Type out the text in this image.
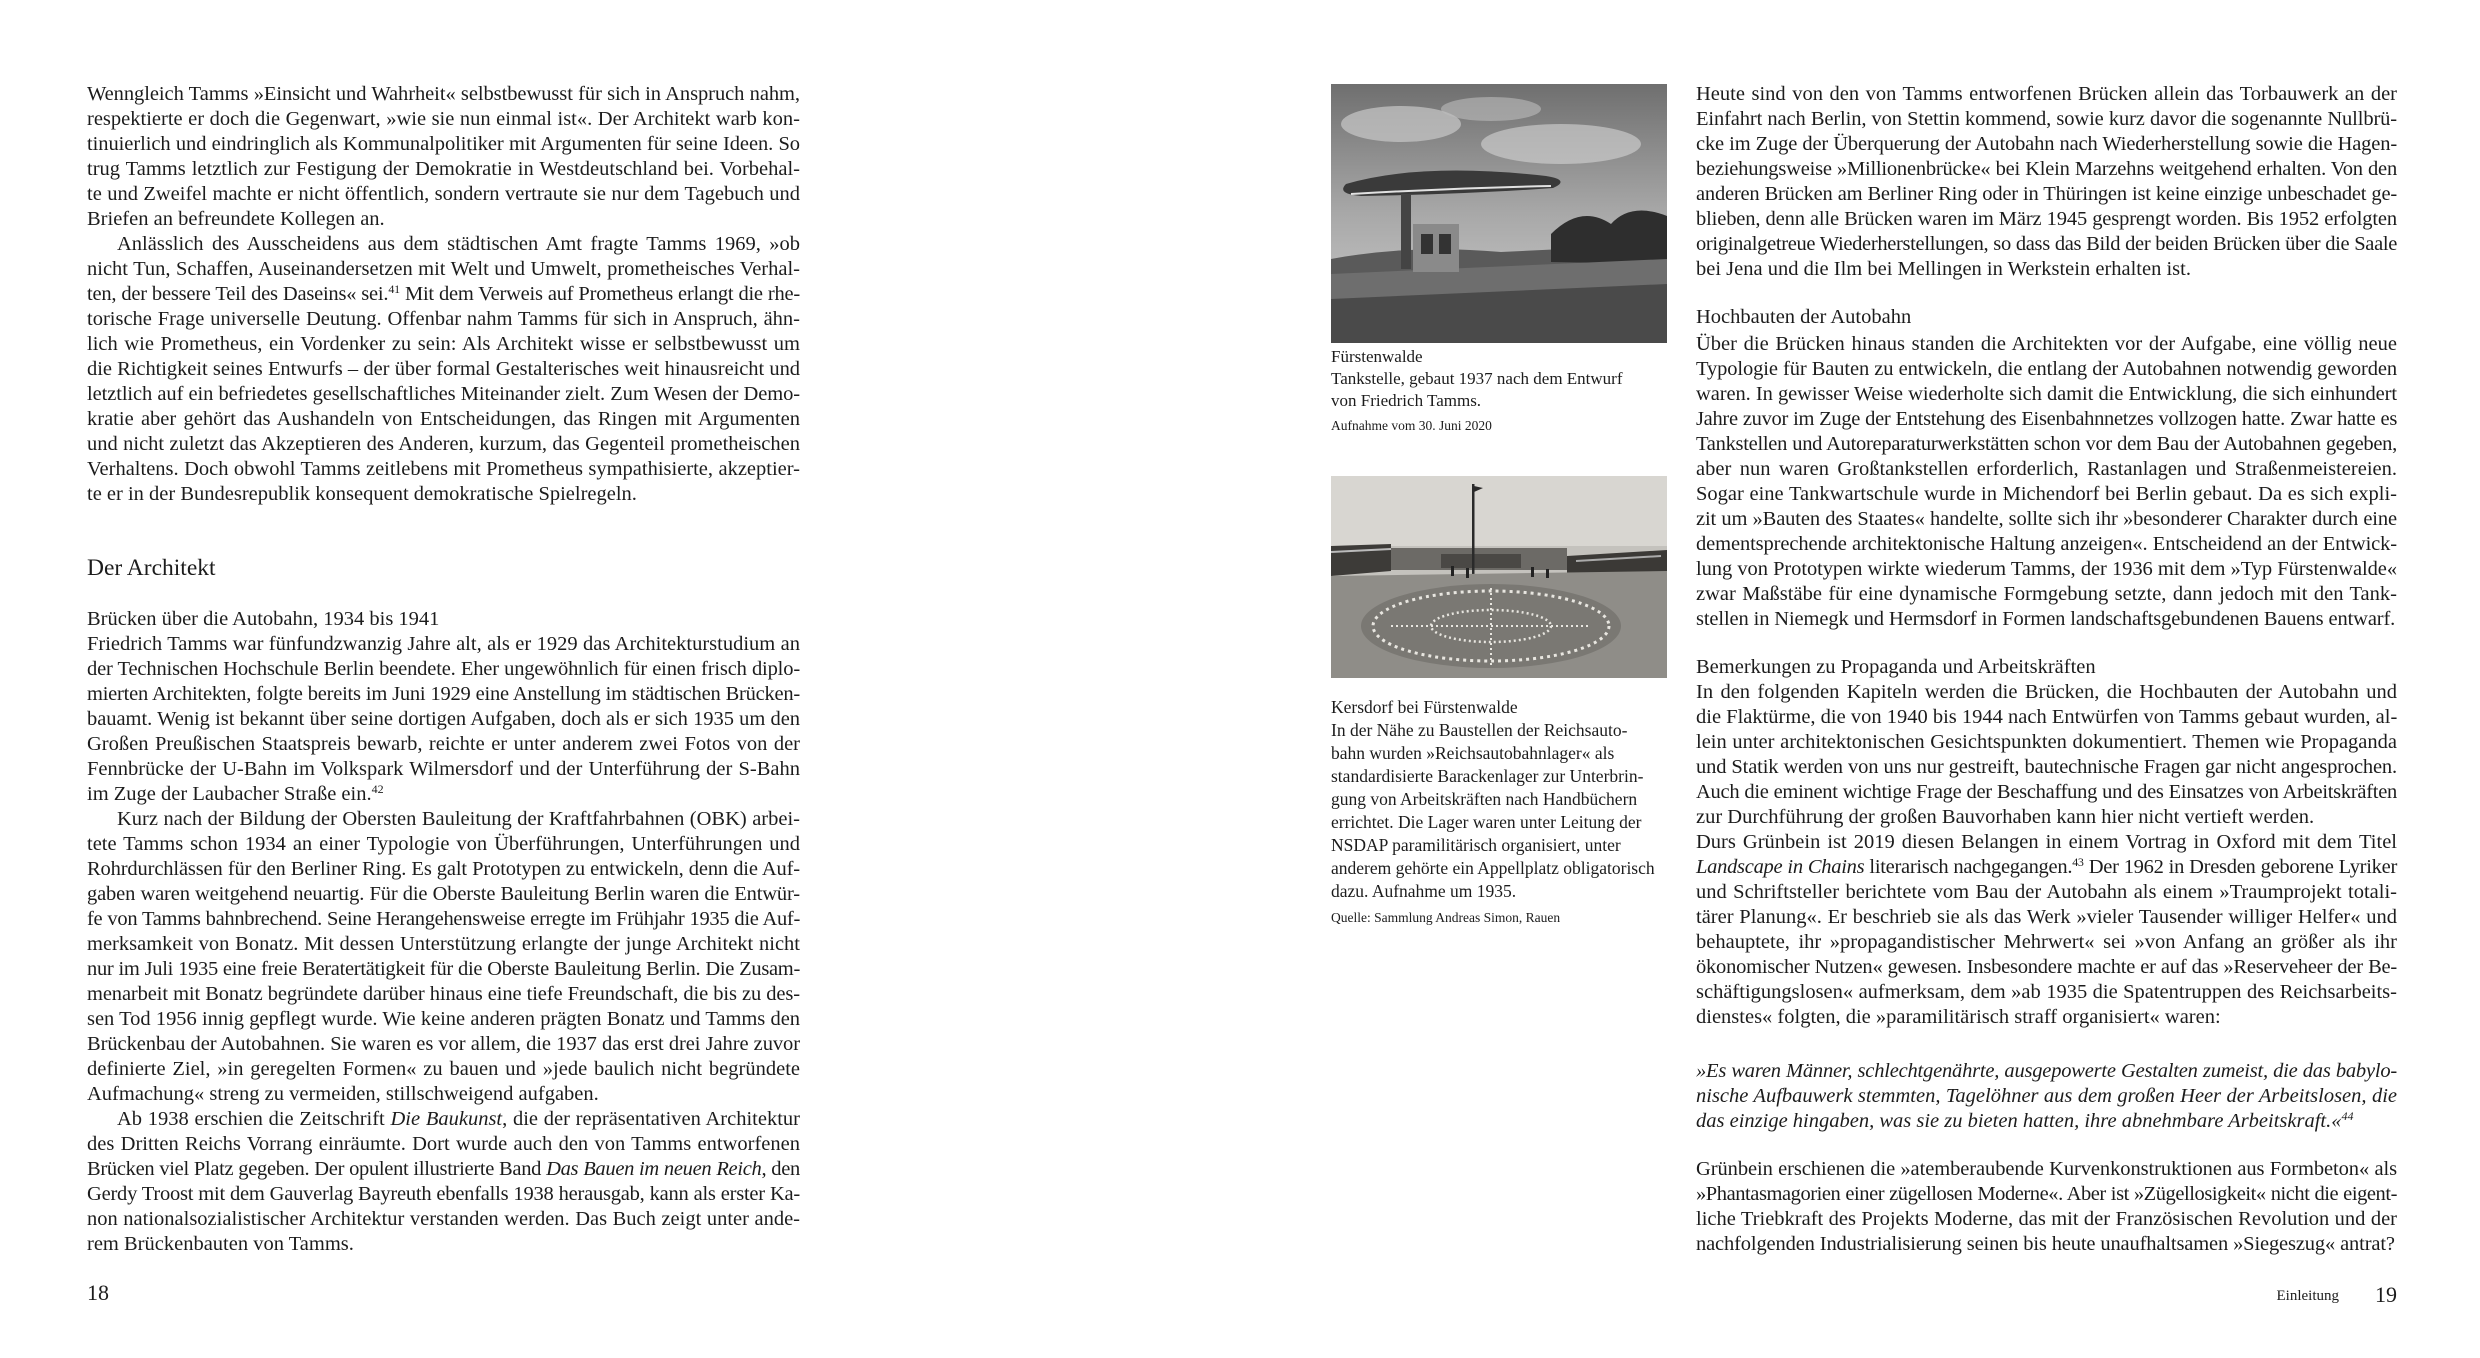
Wenngleich Tamms »Einsicht und Wahrheit« selbstbewusst für sich in Anspruch nahm,
respektierte er doch die Gegenwart, »wie sie nun einmal ist«. Der Architekt warb kon-
tinuierlich und eindringlich als Kommunalpolitiker mit Argumenten für seine Ideen. So
trug Tamms letztlich zur Festigung der Demokratie in Westdeutschland bei. Vorbehal-
te und Zweifel machte er nicht öffentlich, sondern vertraute sie nur dem Tagebuch und
Briefen an befreundete Kollegen an.
Anlässlich des Ausscheidens aus dem städtischen Amt fragte Tamms 1969, »ob
nicht Tun, Schaffen, Auseinandersetzen mit Welt und Umwelt, prometheisches Verhal-
ten, der bessere Teil des Daseins« sei.$^{41}$ Mit dem Verweis auf Prometheus erlangt die rhe-
torische Frage universelle Deutung. Offenbar nahm Tamms für sich in Anspruch, ähn-
lich wie Prometheus, ein Vordenker zu sein: Als Architekt wisse er selbstbewusst um
die Richtigkeit seines Entwurfs – der über formal Gestalterisches weit hinausreicht und
letztlich auf ein befriedetes gesellschaftliches Miteinander zielt. Zum Wesen der Demo-
kratie aber gehört das Aushandeln von Entscheidungen, das Ringen mit Argumenten
und nicht zuletzt das Akzeptieren des Anderen, kurzum, das Gegenteil prometheischen
Verhaltens. Doch obwohl Tamms zeitlebens mit Prometheus sympathisierte, akzeptier-
te er in der Bundesrepublik konsequent demokratische Spielregeln.
Der Architekt
Brücken über die Autobahn, 1934 bis 1941
Friedrich Tamms war fünfundzwanzig Jahre alt, als er 1929 das Architekturstudium an
der Technischen Hochschule Berlin beendete. Eher ungewöhnlich für einen frisch diplo-
mierten Architekten, folgte bereits im Juni 1929 eine Anstellung im städtischen Brücken-
bauamt. Wenig ist bekannt über seine dortigen Aufgaben, doch als er sich 1935 um den
Großen Preußischen Staatspreis bewarb, reichte er unter anderem zwei Fotos von der
Fennbrücke der U-Bahn im Volkspark Wilmersdorf und der Unterführung der S-Bahn
im Zuge der Laubacher Straße ein.$^{42}$
Kurz nach der Bildung der Obersten Bauleitung der Kraftfahrbahnen (OBK) arbei-
tete Tamms schon 1934 an einer Typologie von Überführungen, Unterführungen und
Rohrdurchlässen für den Berliner Ring. Es galt Prototypen zu entwickeln, denn die Auf-
gaben waren weitgehend neuartig. Für die Oberste Bauleitung Berlin waren die Entwür-
fe von Tamms bahnbrechend. Seine Herangehensweise erregte im Frühjahr 1935 die Auf-
merksamkeit von Bonatz. Mit dessen Unterstützung erlangte der junge Architekt nicht
nur im Juli 1935 eine freie Beratertätigkeit für die Oberste Bauleitung Berlin. Die Zusam-
menarbeit mit Bonatz begründete darüber hinaus eine tiefe Freundschaft, die bis zu des-
sen Tod 1956 innig gepflegt wurde. Wie keine anderen prägten Bonatz und Tamms den
Brückenbau der Autobahnen. Sie waren es vor allem, die 1937 das erst drei Jahre zuvor
definierte Ziel, »in geregelten Formen« zu bauen und »jede baulich nicht begründete
Aufmachung« streng zu vermeiden, stillschweigend aufgaben.
Ab 1938 erschien die Zeitschrift Die Baukunst, die der repräsentativen Architektur
des Dritten Reichs Vorrang einräumte. Dort wurde auch den von Tamms entworfenen
Brücken viel Platz gegeben. Der opulent illustrierte Band Das Bauen im neuen Reich, den
Gerdy Troost mit dem Gauverlag Bayreuth ebenfalls 1938 herausgab, kann als erster Ka-
non nationalsozialistischer Architektur verstanden werden. Das Buch zeigt unter ande-
rem Brückenbauten von Tamms.
Heute sind von den von Tamms entworfenen Brücken allein das Torbauwerk an der
Einfahrt nach Berlin, von Stettin kommend, sowie kurz davor die sogenannte Nullbrü-
cke im Zuge der Überquerung der Autobahn nach Wiederherstellung sowie die Hagen-
beziehungsweise »Millionenbrücke« bei Klein Marzehns weitgehend erhalten. Von den
anderen Brücken am Berliner Ring oder in Thüringen ist keine einzige unbeschadet ge-
blieben, denn alle Brücken waren im März 1945 gesprengt worden. Bis 1952 erfolgten
originalgetreue Wiederherstellungen, so dass das Bild der beiden Brücken über die Saale
bei Jena und die Ilm bei Mellingen in Werkstein erhalten ist.
Hochbauten der Autobahn
Über die Brücken hinaus standen die Architekten vor der Aufgabe, eine völlig neue
Typologie für Bauten zu entwickeln, die entlang der Autobahnen notwendig geworden
waren. In gewisser Weise wiederholte sich damit die Entwicklung, die sich einhundert
Jahre zuvor im Zuge der Entstehung des Eisenbahnnetzes vollzogen hatte. Zwar hatte es
Tankstellen und Autoreparaturwerkstätten schon vor dem Bau der Autobahnen gegeben,
aber nun waren Großtankstellen erforderlich, Rastanlagen und Straßenmeistereien.
Sogar eine Tankwartschule wurde in Michendorf bei Berlin gebaut. Da es sich expli-
zit um »Bauten des Staates« handelte, sollte sich ihr »besonderer Charakter durch eine
dementsprechende architektonische Haltung anzeigen«. Entscheidend an der Entwick-
lung von Prototypen wirkte wiederum Tamms, der 1936 mit dem »Typ Fürstenwalde«
zwar Maßstäbe für eine dynamische Formgebung setzte, dann jedoch mit den Tank-
stellen in Niemegk und Hermsdorf in Formen landschaftsgebundenen Bauens entwarf.
Bemerkungen zu Propaganda und Arbeitskräften
In den folgenden Kapiteln werden die Brücken, die Hochbauten der Autobahn und
die Flaktürme, die von 1940 bis 1944 nach Entwürfen von Tamms gebaut wurden, al-
lein unter architektonischen Gesichtspunkten dokumentiert. Themen wie Propaganda
und Statik werden von uns nur gestreift, bautechnische Fragen gar nicht angesprochen.
Auch die eminent wichtige Frage der Beschaffung und des Einsatzes von Arbeitskräften
zur Durchführung der großen Bauvorhaben kann hier nicht vertieft werden.
Durs Grünbein ist 2019 diesen Belangen in einem Vortrag in Oxford mit dem Titel
Landscape in Chains literarisch nachgegangen.$^{43}$ Der 1962 in Dresden geborene Lyriker
und Schriftsteller berichtete vom Bau der Autobahn als einem »Traumprojekt totali-
tärer Planung«. Er beschrieb sie als das Werk »vieler Tausender williger Helfer« und
behauptete, ihr »propagandistischer Mehrwert« sei »von Anfang an größer als ihr
ökonomischer Nutzen« gewesen. Insbesondere machte er auf das »Reserveheer der Be-
schäftigungslosen« aufmerksam, dem »ab 1935 die Spatentruppen des Reichsarbeits-
dienstes« folgten, die »paramilitärisch straff organisiert« waren:
»Es waren Männer, schlechtgenährte, ausgepowerte Gestalten zumeist, die das babylo-
nische Aufbauwerk stemmten, Tagelöhner aus dem großen Heer der Arbeitslosen, die
das einzige hingaben, was sie zu bieten hatten, ihre abnehmbare Arbeitskraft.«$^{44}$
Grünbein erschienen die »atemberaubende Kurvenkonstruktionen aus Formbeton« als
»Phantasmagorien einer zügellosen Moderne«. Aber ist »Zügellosigkeit« nicht die eigent-
liche Triebkraft des Projekts Moderne, das mit der Französischen Revolution und der
nachfolgenden Industrialisierung seinen bis heute unaufhaltsamen »Siegeszug« antrat?
Fürstenwalde
Tankstelle, gebaut 1937 nach dem Entwurf
von Friedrich Tamms.
Aufnahme vom 30. Juni 2020
Kersdorf bei Fürstenwalde
In der Nähe zu Baustellen der Reichsauto-
bahn wurden »Reichsautobahnlager« als
standardisierte Barackenlager zur Unterbrin-
gung von Arbeitskräften nach Handbüchern
errichtet. Die Lager waren unter Leitung der
NSDAP paramilitärisch organisiert, unter
anderem gehörte ein Appellplatz obligatorisch
dazu. Aufnahme um 1935.
Quelle: Sammlung Andreas Simon, Rauen
18	Einleitung 19
